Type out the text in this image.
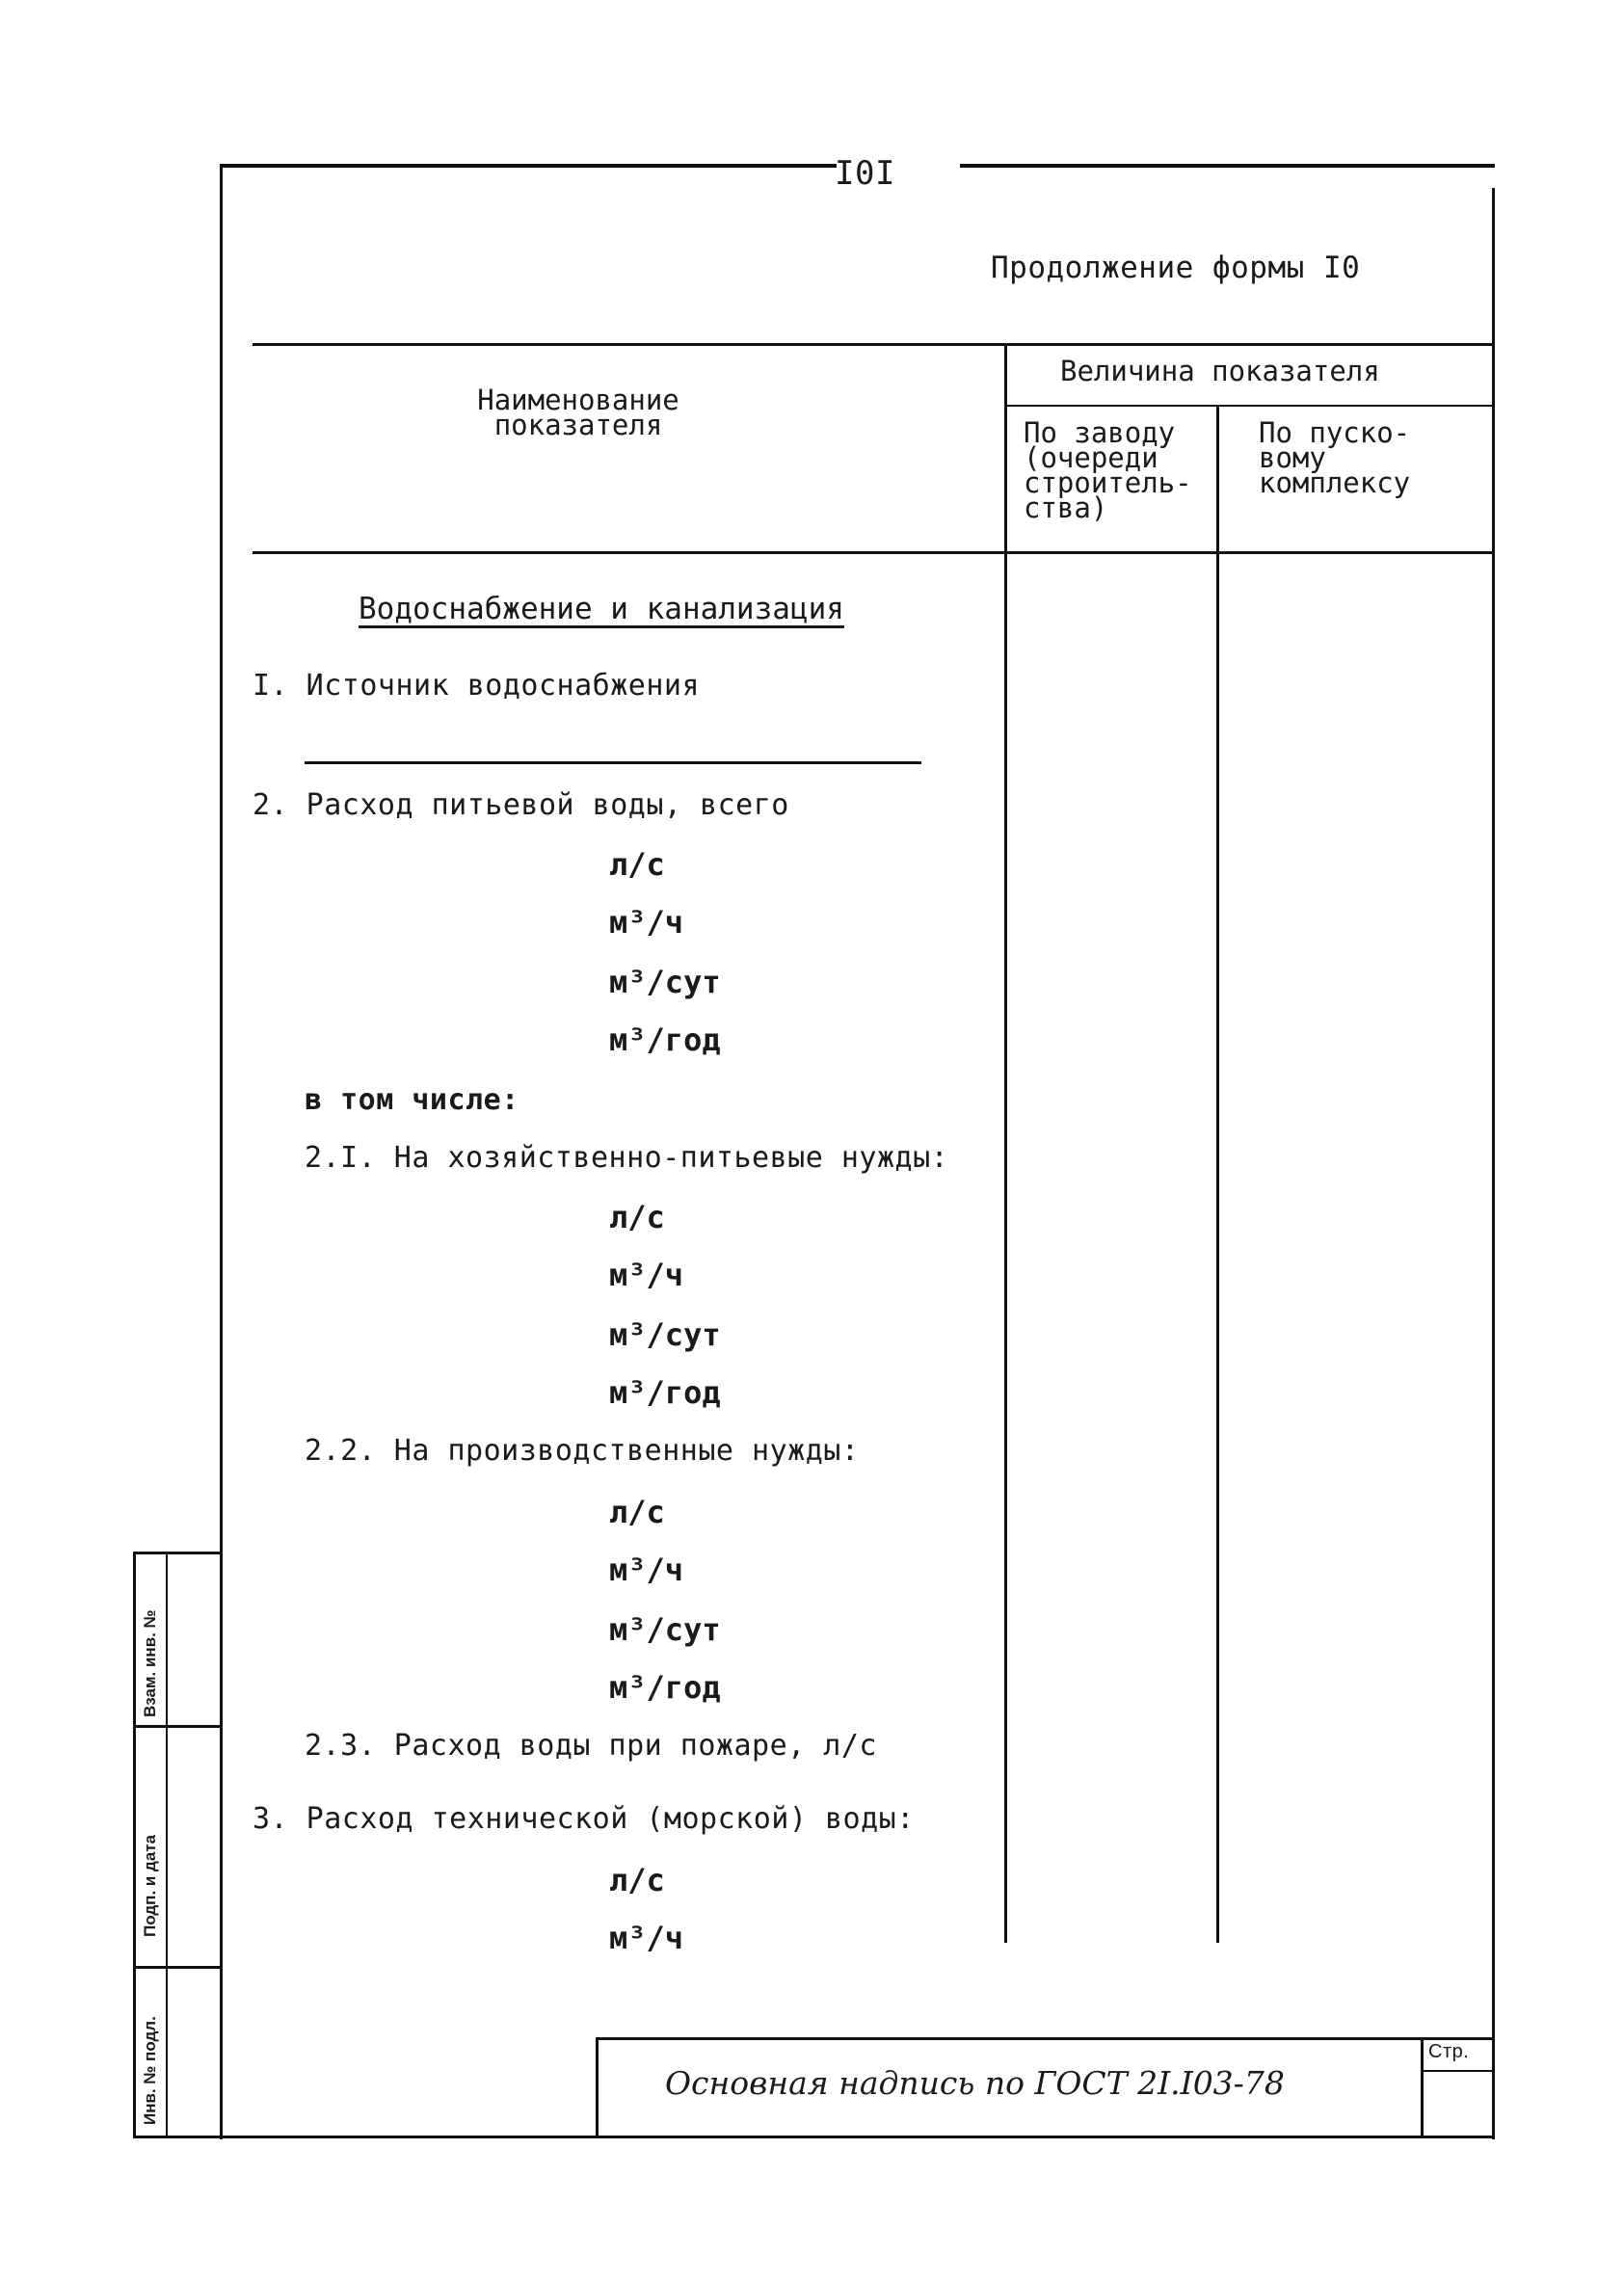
Взам. инв. №
Подп. и дата
Инв. № подл.
I0I
Продолжение формы I0
Наименование
показателя
Величина показателя
По заводу
(очереди
строитель-
ства)
По пуско-
вому
комплексу
Водоснабжение и канализация
I. Источник водоснабжения
2. Расход питьевой воды, всего
л/с
м³/ч
м³/сут
м³/год
в том числе:
2.I. На хозяйственно-питьевые нужды:
л/с
м³/ч
м³/сут
м³/год
2.2. На производственные нужды:
л/с
м³/ч
м³/сут
м³/год
2.3. Расход воды при пожаре, л/с
3. Расход технической (морской) воды:
л/с
м³/ч
Основная надпись по ГОСТ 2I.I03-78
Стр.
